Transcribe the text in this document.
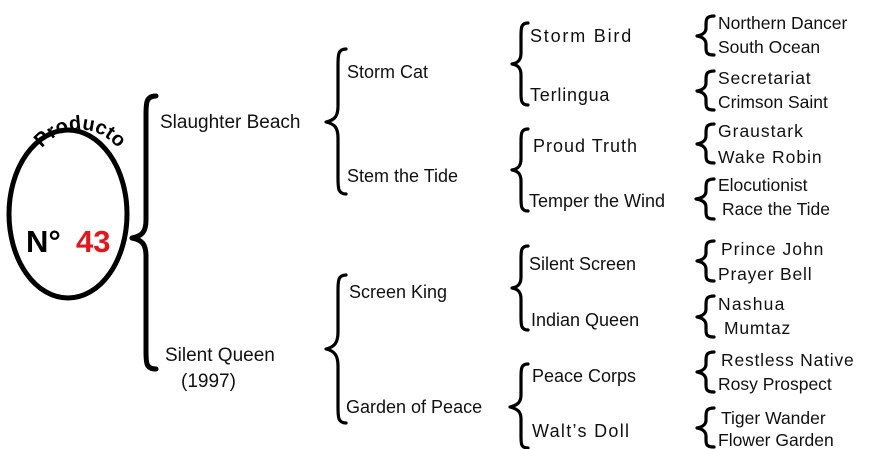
Producto
N° 43
Slaughter Beach
Silent Queen
(1997)
Storm Cat
Stem the Tide
Screen King
Garden of Peace
Storm Bird
Terlingua
Proud Truth
Temper the Wind
Silent Screen
Indian Queen
Peace Corps
Walt’s Doll
Northern Dancer
South Ocean
Secretariat
Crimson Saint
Graustark
Wake Robin
Elocutionist
Race the Tide
Prince John
Prayer Bell
Nashua
Mumtaz
Restless Native
Rosy Prospect
Tiger Wander
Flower Garden
